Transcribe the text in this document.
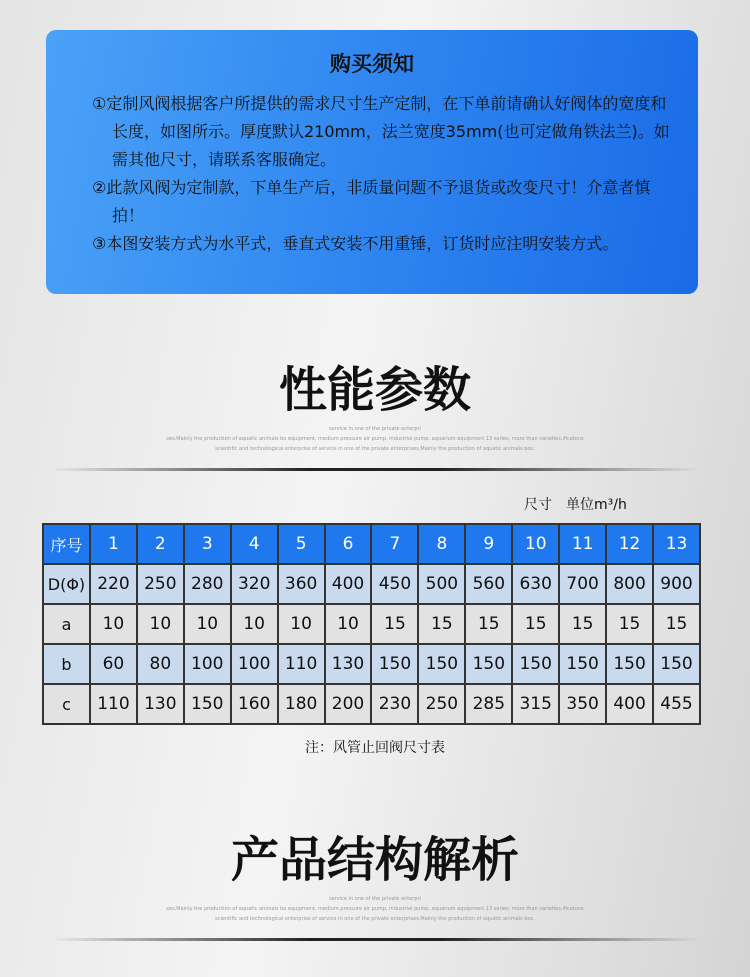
购买须知

①定制风阀根据客户所提供的需求尺寸生产定制，在下单前请确认好阀体的宽度和长度，如图所示。厚度默认210mm，法兰宽度35mm(也可定做角铁法兰)。如需其他尺寸，请联系客服确定。

②此款风阀为定制款，下单生产后，非质量问题不予退货或改变尺寸！介意者慎拍！

③本图安装方式为水平式，垂直式安装不用重锤，订货时应注明安装方式。

性能参数
service in one of the private enterpri
ses,Mainly the production of aquatic animals bo equipment, medium pressure air pump, industrial pump, aquarium equipment 13 series, more than varieties,ificatons
scientific and technological enterprise of service in one of the private enterprises,Mainly the production of aquatic animals box,
尺寸　单位m³/h
序号	1	2	3	4	5	6	7	8	9	10	11	12	13
D(Φ)	220	250	280	320	360	400	450	500	560	630	700	800	900
a	10	10	10	10	10	10	15	15	15	15	15	15	15
b	60	80	100	100	110	130	150	150	150	150	150	150	150
c	110	130	150	160	180	200	230	250	285	315	350	400	455
注：风管止回阀尺寸表
产品结构解析
service in one of the private enterpri
ses,Mainly the production of aquatic animals bo equipment, medium pressure air pump, industrial pump, aquarium equipment 13 series, more than varieties,ificatons
scientific and technological enterprise of service in one of the private enterprises,Mainly the production of aquatic animals box,
